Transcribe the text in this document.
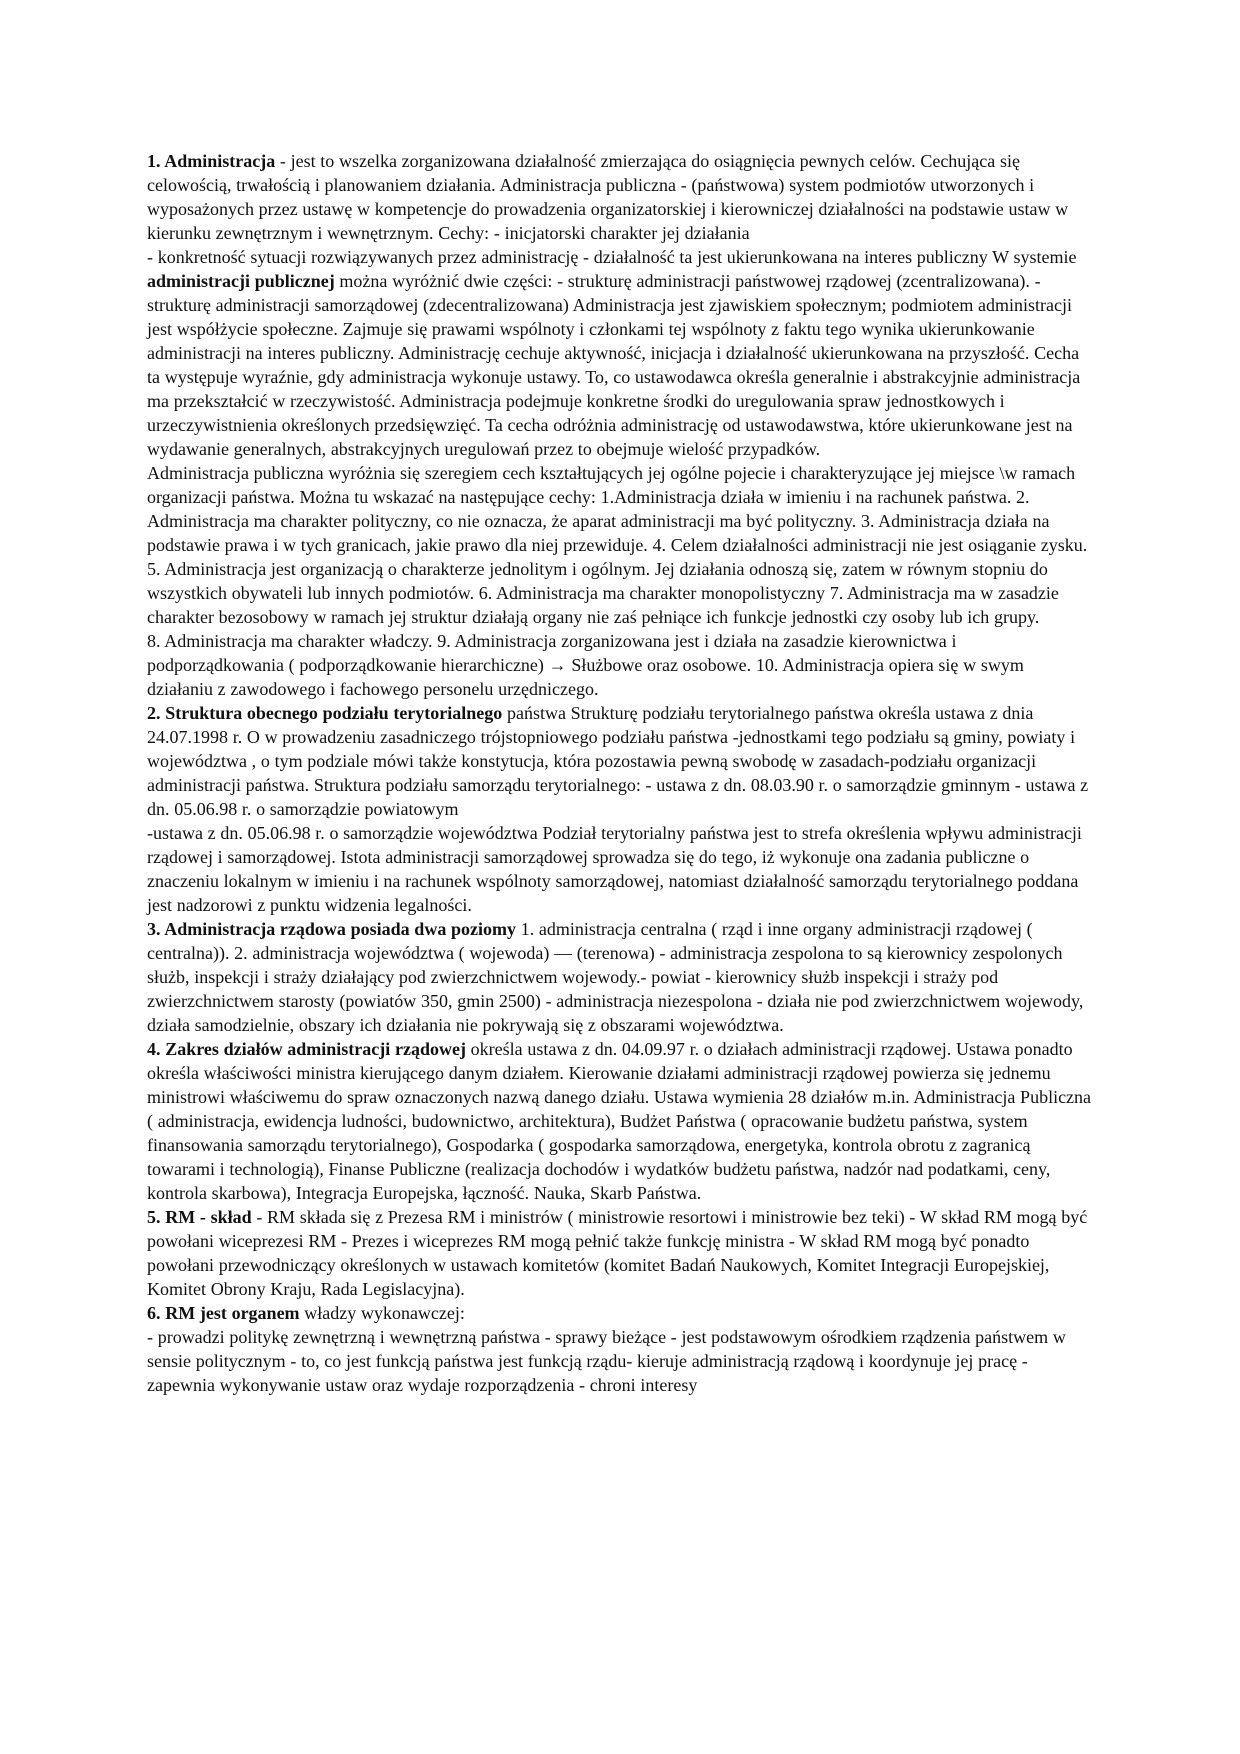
1. Administracja - jest to wszelka zorganizowana działalność zmierzająca do osiągnięcia pewnych celów. Cechująca się celowością, trwałością i planowaniem działania. Administracja publiczna - (państwowa) system podmiotów utworzonych i wyposażonych przez ustawę w kompetencje do prowadzenia organizatorskiej i kierowniczej działalności na podstawie ustaw w kierunku zewnętrznym i wewnętrznym. Cechy: - inicjatorski charakter jej działania

- konkretność sytuacji rozwiązywanych przez administrację - działalność ta jest ukierunkowana na interes publiczny W systemie administracji publicznej można wyróżnić dwie części: - strukturę administracji państwowej rządowej (zcentralizowana). - strukturę administracji samorządowej (zdecentralizowana) Administracja jest zjawiskiem społecznym; podmiotem administracji jest współżycie społeczne. Zajmuje się prawami wspólnoty i członkami tej wspólnoty z faktu tego wynika ukierunkowanie administracji na interes publiczny. Administrację cechuje aktywność, inicjacja i działalność ukierunkowana na przyszłość. Cecha ta występuje wyraźnie, gdy administracja wykonuje ustawy. To, co ustawodawca określa generalnie i abstrakcyjnie administracja ma przekształcić w rzeczywistość. Administracja podejmuje konkretne środki do uregulowania spraw jednostkowych i urzeczywistnienia określonych przedsięwzięć. Ta cecha odróżnia administrację od ustawodawstwa, które ukierunkowane jest na wydawanie generalnych, abstrakcyjnych uregulowań przez to obejmuje wielość przypadków.

Administracja publiczna wyróżnia się szeregiem cech kształtujących jej ogólne pojecie i charakteryzujące jej miejsce \w ramach organizacji państwa. Można tu wskazać na następujące cechy: 1.Administracja działa w imieniu i na rachunek państwa. 2. Administracja ma charakter polityczny, co nie oznacza, że aparat administracji ma być polityczny. 3. Administracja działa na podstawie prawa i w tych granicach, jakie prawo dla niej przewiduje. 4. Celem działalności administracji nie jest osiąganie zysku.

5. Administracja jest organizacją o charakterze jednolitym i ogólnym. Jej działania odnoszą się, zatem w równym stopniu do wszystkich obywateli lub innych podmiotów. 6. Administracja ma charakter monopolistyczny 7. Administracja ma w zasadzie charakter bezosobowy w ramach jej struktur działają organy nie zaś pełniące ich funkcje jednostki czy osoby lub ich grupy.

8. Administracja ma charakter władczy. 9. Administracja zorganizowana jest i działa na zasadzie kierownictwa i podporządkowania ( podporządkowanie hierarchiczne) → Służbowe oraz osobowe. 10. Administracja opiera się w swym działaniu z zawodowego i fachowego personelu urzędniczego.

2. Struktura obecnego podziału terytorialnego państwa Strukturę podziału terytorialnego państwa określa ustawa z dnia 24.07.1998 r. O w prowadzeniu zasadniczego trójstopniowego podziału państwa -jednostkami tego podziału są gminy, powiaty i województwa , o tym podziale mówi także konstytucja, która pozostawia pewną swobodę w zasadach-podziału organizacji administracji państwa. Struktura podziału samorządu terytorialnego: - ustawa z dn. 08.03.90 r. o samorządzie gminnym - ustawa z dn. 05.06.98 r. o samorządzie powiatowym

-ustawa z dn. 05.06.98 r. o samorządzie województwa Podział terytorialny państwa jest to strefa określenia wpływu administracji rządowej i samorządowej. Istota administracji samorządowej sprowadza się do tego, iż wykonuje ona zadania publiczne o znaczeniu lokalnym w imieniu i na rachunek wspólnoty samorządowej, natomiast działalność samorządu terytorialnego poddana jest nadzorowi z punktu widzenia legalności.

3. Administracja rządowa posiada dwa poziomy 1. administracja centralna ( rząd i inne organy administracji rządowej ( centralna)). 2. administracja województwa ( wojewoda) — (terenowa) - administracja zespolona to są kierownicy zespolonych służb, inspekcji i straży działający pod zwierzchnictwem wojewody.- powiat - kierownicy służb inspekcji i straży pod zwierzchnictwem starosty (powiatów 350, gmin 2500) - administracja niezespolona - działa nie pod zwierzchnictwem wojewody, działa samodzielnie, obszary ich działania nie pokrywają się z obszarami województwa.

4. Zakres działów administracji rządowej określa ustawa z dn. 04.09.97 r. o działach administracji rządowej. Ustawa ponadto określa właściwości ministra kierującego danym działem. Kierowanie działami administracji rządowej powierza się jednemu ministrowi właściwemu do spraw oznaczonych nazwą danego działu. Ustawa wymienia 28 działów m.in. Administracja Publiczna ( administracja, ewidencja ludności, budownictwo, architektura), Budżet Państwa ( opracowanie budżetu państwa, system finansowania samorządu terytorialnego), Gospodarka ( gospodarka samorządowa, energetyka, kontrola obrotu z zagranicą towarami i technologią), Finanse Publiczne (realizacja dochodów i wydatków budżetu państwa, nadzór nad podatkami, ceny, kontrola skarbowa), Integracja Europejska, łączność. Nauka, Skarb Państwa.

5. RM - skład - RM składa się z Prezesa RM i ministrów ( ministrowie resortowi i ministrowie bez teki) - W skład RM mogą być powołani wiceprezesi RM - Prezes i wiceprezes RM mogą pełnić także funkcję ministra - W skład RM mogą być ponadto powołani przewodniczący określonych w ustawach komitetów (komitet Badań Naukowych, Komitet Integracji Europejskiej, Komitet Obrony Kraju, Rada Legislacyjna).

6. RM jest organem władzy wykonawczej:

- prowadzi politykę zewnętrzną i wewnętrzną państwa - sprawy bieżące - jest podstawowym ośrodkiem rządzenia państwem w sensie politycznym - to, co jest funkcją państwa jest funkcją rządu- kieruje administracją rządową i koordynuje jej pracę - zapewnia wykonywanie ustaw oraz wydaje rozporządzenia - chroni interesy
